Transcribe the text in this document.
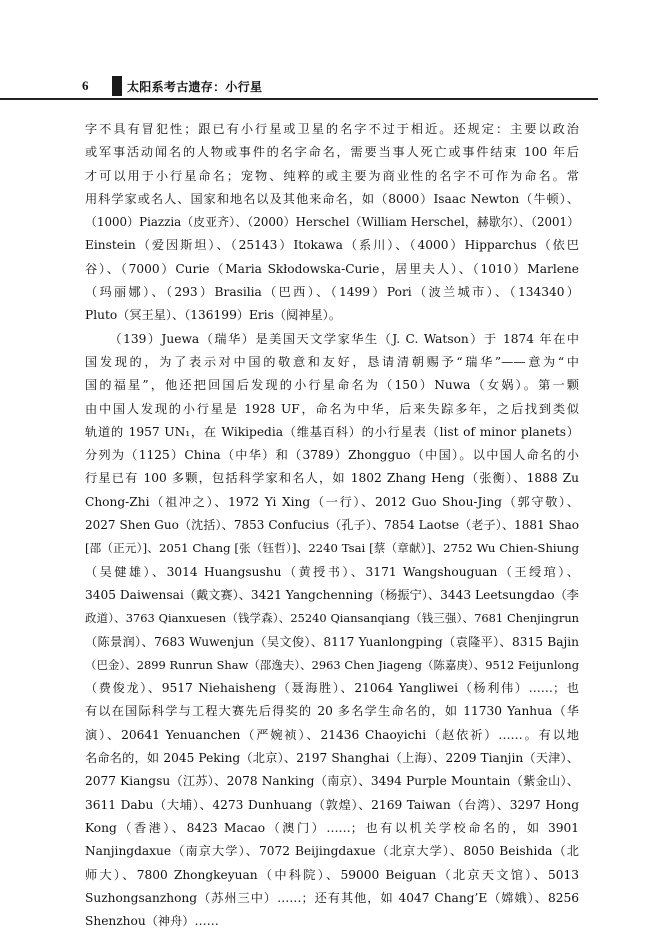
6	太阳系考古遗存：小行星
字不具有冒犯性；跟已有小行星或卫星的名字不过于相近。还规定：主要以政治
或军事活动闻名的人物或事件的名字命名，需要当事人死亡或事件结束 100 年后
才可以用于小行星命名；宠物、纯粹的或主要为商业性的名字不可作为命名。常
用科学家或名人、国家和地名以及其他来命名，如（8000）Isaac Newton（牛顿）、
（1000）Piazzia（皮亚齐）、（2000）Herschel（William Herschel，赫歇尔）、（2001）
Einstein（爱因斯坦）、（25143）Itokawa（系川）、（4000）Hipparchus（依巴
谷）、（7000）Curie（Maria Skłodowska-Curie，居里夫人）、（1010）Marlene
（玛丽娜）、（293）Brasilia（巴西）、（1499）Pori（波兰城市）、（134340）
Pluto（冥王星）、（136199）Eris（阋神星）。
（139）Juewa（瑞华）是美国天文学家华生（J. C. Watson）于 1874 年在中
国发现的，为了表示对中国的敬意和友好，恳请清朝赐予“瑞华”——意为“中
国的福星”，他还把回国后发现的小行星命名为（150）Nuwa（女娲）。第一颗
由中国人发现的小行星是 1928 UF，命名为中华，后来失踪多年，之后找到类似
轨道的 1957 UN₁，在 Wikipedia（维基百科）的小行星表（list of minor planets）
分列为（1125）China（中华）和（3789）Zhongguo（中国）。以中国人命名的小
行星已有 100 多颗，包括科学家和名人，如 1802 Zhang Heng（张衡）、1888 Zu
Chong-Zhi（祖冲之）、1972 Yi Xing（一行）、2012 Guo Shou-Jing（郭守敬）、
2027 Shen Guo（沈括）、7853 Confucius（孔子）、7854 Laotse（老子）、1881 Shao
[邵（正元）]、2051 Chang [张（钰哲）]、2240 Tsai [蔡（章献）]、2752 Wu Chien-Shiung
（吴健雄）、3014 Huangsushu（黄授书）、3171 Wangshouguan（王绶琯）、
3405 Daiwensai（戴文赛）、3421 Yangchenning（杨振宁）、3443 Leetsungdao（李
政道）、3763 Qianxuesen（钱学森）、25240 Qiansanqiang（钱三强）、7681 Chenjingrun
（陈景润）、7683 Wuwenjun（吴文俊）、8117 Yuanlongping（袁隆平）、8315 Bajin
（巴金）、2899 Runrun Shaw（邵逸夫）、2963 Chen Jiageng（陈嘉庚）、9512 Feijunlong
（费俊龙）、9517 Niehaisheng（聂海胜）、21064 Yangliwei（杨利伟）……；也
有以在国际科学与工程大赛先后得奖的 20 多名学生命名的，如 11730 Yanhua（华
演）、20641 Yenuanchen（严婉祯）、21436 Chaoyichi（赵依祈）……。有以地
名命名的，如 2045 Peking（北京）、2197 Shanghai（上海）、2209 Tianjin（天津）、
2077 Kiangsu（江苏）、2078 Nanking（南京）、3494 Purple Mountain（紫金山）、
3611 Dabu（大埔）、4273 Dunhuang（敦煌）、2169 Taiwan（台湾）、3297 Hong
Kong（香港）、8423 Macao（澳门）……；也有以机关学校命名的，如 3901
Nanjingdaxue（南京大学）、7072 Beijingdaxue（北京大学）、8050 Beishida（北
师大）、7800 Zhongkeyuan（中科院）、59000 Beiguan（北京天文馆）、5013
Suzhongsanzhong（苏州三中）……；还有其他，如 4047 Chang’E（嫦娥）、8256
Shenzhou（神舟）……
